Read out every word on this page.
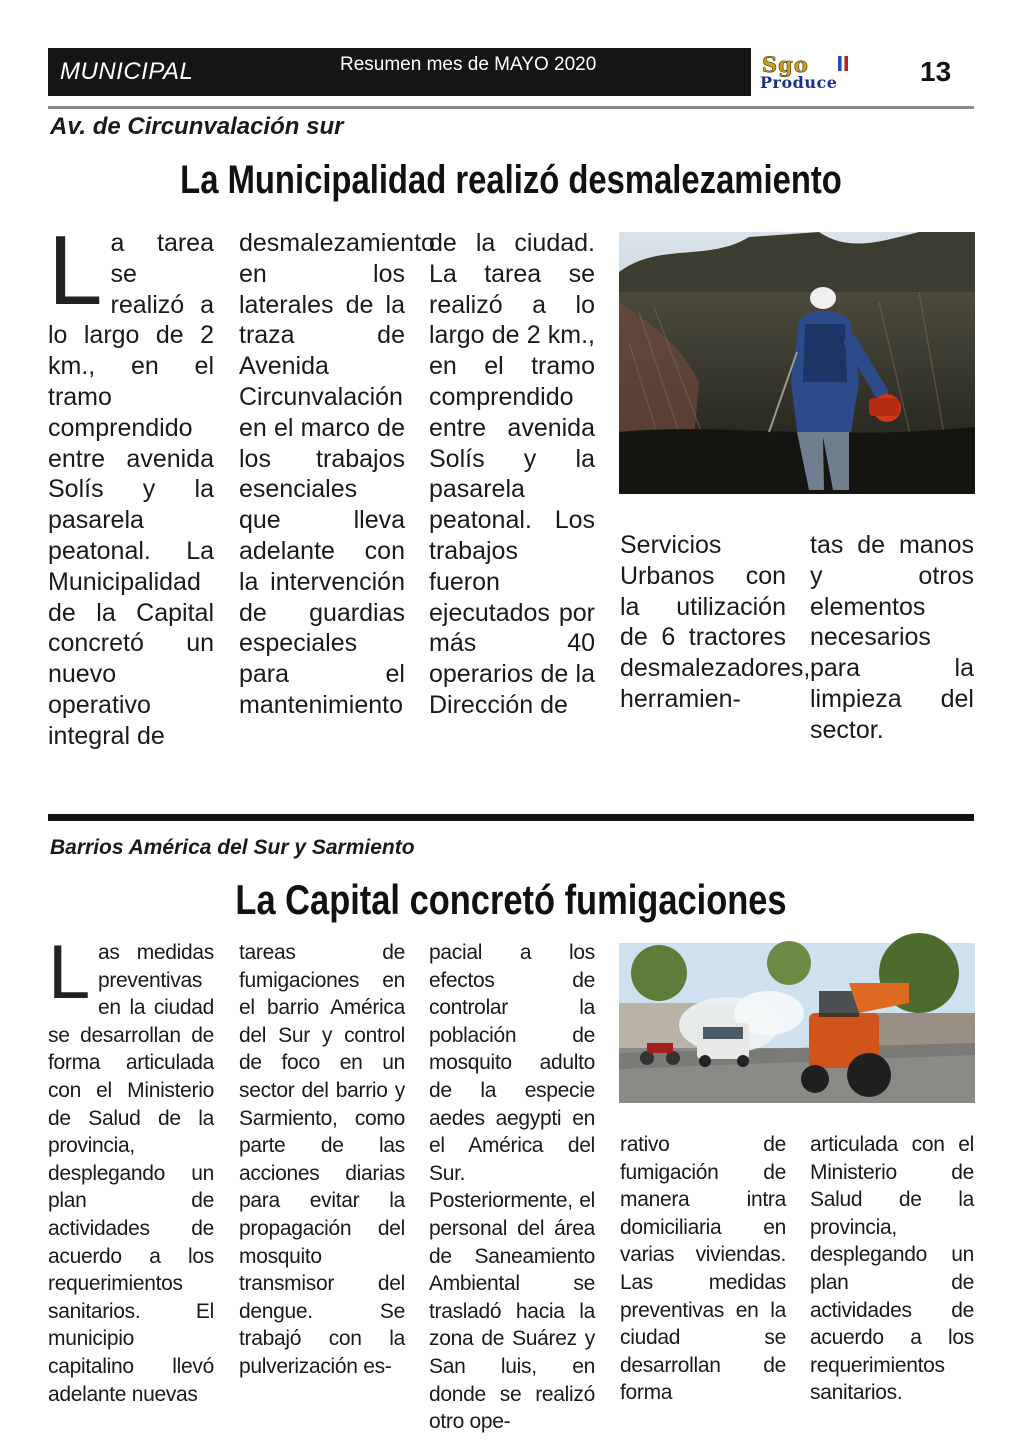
MUNICIPAL	Resumen mes de MAYO 2020	Sgo
Produce	13
Av. de Circunvalación sur
La Municipalidad realizó desmalezamiento
La tarea se realizó a lo largo de 2 km., en el tramo comprendido entre avenida Solís y la pasarela peatonal. La Municipalidad de la Capital concretó un nuevo operativo integral de
desmalezamiento en los laterales de la traza de Avenida Circunvalación en el marco de los trabajos esenciales que lleva adelante con la intervención de guardias especiales para el mantenimiento
de la ciudad. La tarea se realizó a lo largo de 2 km., en el tramo comprendido entre avenida Solís y la pasarela peatonal. Los trabajos fueron ejecutados por más 40 operarios de la Dirección de
Servicios Urbanos con la utilización de 6 tractores desmalezadores, herramien-
tas de manos y otros elementos necesarios para la limpieza del sector.
Barrios América del Sur y Sarmiento
La Capital concretó fumigaciones
Las medidas preventivas en la ciudad se desarrollan de forma articulada con el Ministerio de Salud de la provincia, desplegando un plan de actividades de acuerdo a los requerimientos sanitarios. El municipio capitalino llevó adelante nuevas
tareas de fumigaciones en el barrio América del Sur y control de foco en un sector del barrio y Sarmiento, como parte de las acciones diarias para evitar la propagación del mosquito transmisor del dengue. Se trabajó con la pulverización es-
pacial a los efectos de controlar la población de mosquito adulto de la especie aedes aegypti en el América del Sur. Posteriormente, el personal del área de Saneamiento Ambiental se trasladó hacia la zona de Suárez y San luis, en donde se realizó otro ope-
rativo de fumigación de manera intra domiciliaria en varias viviendas. Las medidas preventivas en la ciudad se desarrollan de forma
articulada con el Ministerio de Salud de la provincia, desplegando un plan de actividades de acuerdo a los requerimientos sanitarios.
